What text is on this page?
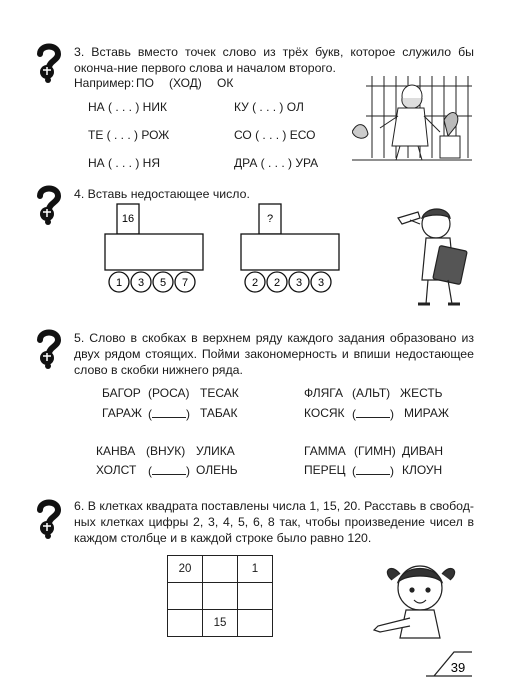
3. Вставь вместо точек слово из трёх букв, которое служило бы оконча-ние первого слова и началом второго.
Например: ПО (ХОД) ОК
НА ( . . . ) НИК	КУ ( . . . ) ОЛ
ТЕ ( . . . ) РОЖ	СО ( . . . ) ЕСО
НА ( . . . ) НЯ	ДРА ( . . . ) УРА
4. Вставь недостающее число.
16
1 3 5 7
?
2 2 3 3
5. Слово в скобках в верхнем ряду каждого задания образовано из двух рядом стоящих. Пойми закономерность и впиши недостающее слово в скобки нижнего ряда.
БАГОР (РОСА) ТЕСАК
ГАРАЖ (	) ТАБАК
ФЛЯГА (АЛЬТ) ЖЕСТЬ
КОСЯК (	) МИРАЖ
КАНВА (ВНУК) УЛИКА
ХОЛСТ (	) ОЛЕНЬ
ГАММА (ГИМН) ДИВАН
ПЕРЕЦ (	) КЛОУН
6. В клетках квадрата поставлены числа 1, 15, 20. Расставь в свобод-ных клетках цифры 2, 3, 4, 5, 6, 8 так, чтобы произведение чисел в каждом столбце и в каждой строке было равно 120.
20		1

	15	
39
